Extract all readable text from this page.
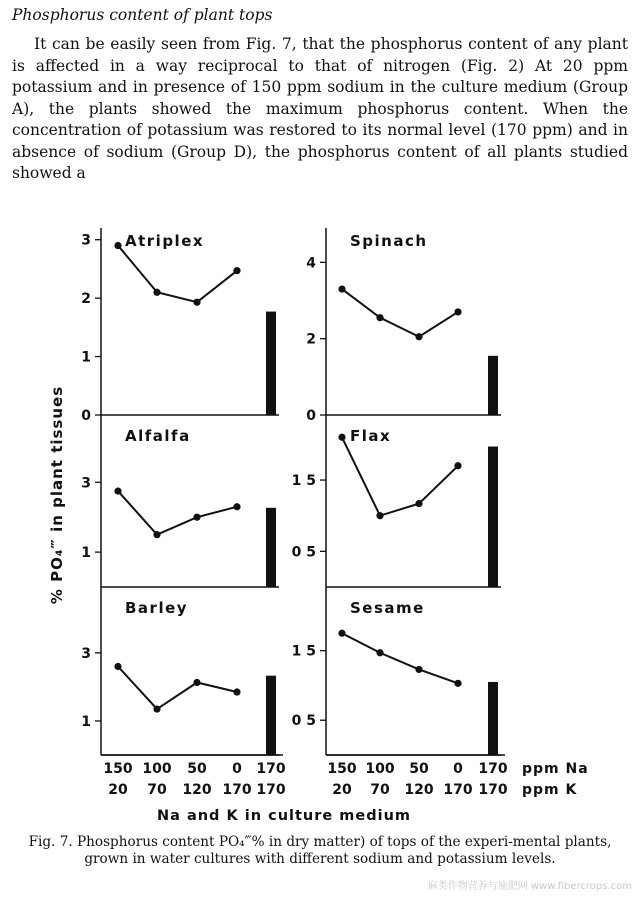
Phosphorus content of plant tops
It can be easily seen from Fig. 7, that the phosphorus content of any plant is affected in a way reciprocal to that of nitrogen (Fig. 2) At 20 ppm potassium and in presence of 150 ppm sodium in the culture medium (Group A), the plants showed the maximum phosphorus content. When the concentration of potassium was restored to its normal level (170 ppm) and in absence of sodium (Group D), the phosphorus content of all plants studied showed a
3
2
1
0
Atriplex
4
2
0
Spinach
3
1
Alfalfa
1 5
0 5
Flax
3
1
Barley
1 5
0 5
Sesame
150
20
100
70
50
120
0
170
170
170
150
20
100
70
50
120
0
170
170
170
ppm Na
ppm K
Na and K in culture medium
% PO₄‴ in plant tissues
Fig. 7. Phosphorus content PO₄‴% in dry matter) of tops of the experi-mental plants, grown in water cultures with different sodium and potassium levels.
麻类作物营养与施肥网 www.fibercrops.com
